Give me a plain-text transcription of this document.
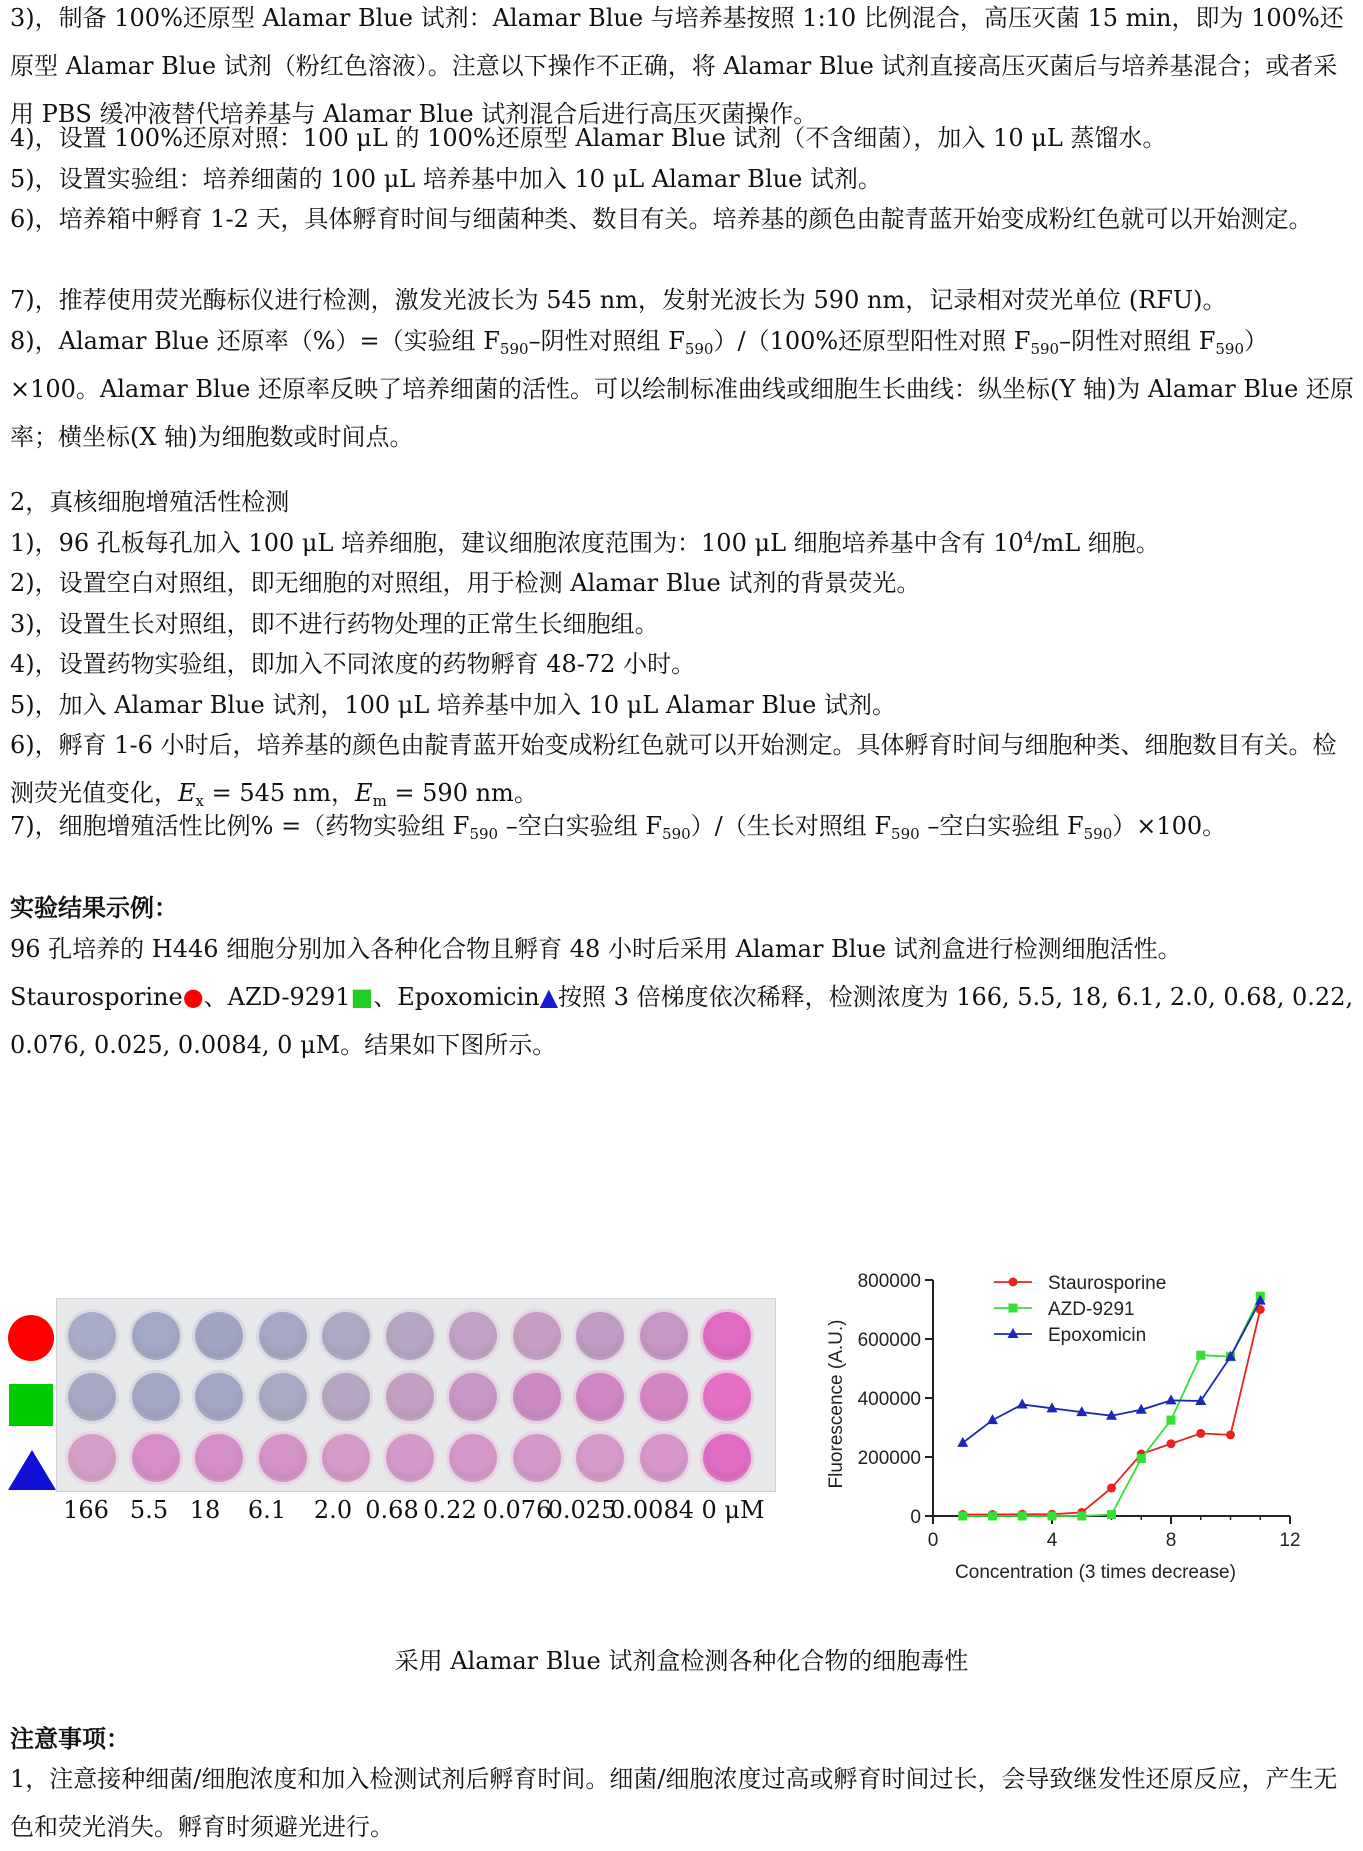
3)，制备 100%还原型 Alamar Blue 试剂：Alamar Blue 与培养基按照 1:10 比例混合，高压灭菌 15 min，即为 100%还原型 Alamar Blue 试剂（粉红色溶液）。注意以下操作不正确，将 Alamar Blue 试剂直接高压灭菌后与培养基混合；或者采用 PBS 缓冲液替代培养基与 Alamar Blue 试剂混合后进行高压灭菌操作。

4)，设置 100%还原对照：100 μL 的 100%还原型 Alamar Blue 试剂（不含细菌），加入 10 μL 蒸馏水。

5)，设置实验组：培养细菌的 100 μL 培养基中加入 10 μL Alamar Blue 试剂。

6)，培养箱中孵育 1-2 天，具体孵育时间与细菌种类、数目有关。培养基的颜色由靛青蓝开始变成粉红色就可以开始测定。

7)，推荐使用荧光酶标仪进行检测，激发光波长为 545 nm，发射光波长为 590 nm，记录相对荧光单位 (RFU)。

8)，Alamar Blue 还原率（%）=（实验组 $F_{590}-$阴性对照组 $F_{590})/(100\%$还原型阳性对照 $F_{590}-$阴性对照组 $F_{590})\times 100$。Alamar Blue 还原率反映了培养细菌的活性。可以绘制标准曲线或细胞生长曲线：纵坐标(Y 轴)为 Alamar Blue 还原率；横坐标(X 轴)为细胞数或时间点。

2，真核细胞增殖活性检测

1)，96 孔板每孔加入 100 μL 培养细胞，建议细胞浓度范围为：100 μL 细胞培养基中含有 $10^4/mL$ 细胞。

2)，设置空白对照组，即无细胞的对照组，用于检测 Alamar Blue 试剂的背景荧光。

3)，设置生长对照组，即不进行药物处理的正常生长细胞组。

4)，设置药物实验组，即加入不同浓度的药物孵育 48-72 小时。

5)，加入 Alamar Blue 试剂，100 μL 培养基中加入 10 μL Alamar Blue 试剂。

6)，孵育 1-6 小时后，培养基的颜色由靛青蓝开始变成粉红色就可以开始测定。具体孵育时间与细胞种类、细胞数目有关。检测荧光值变化，$E_x = 545$ nm，$E_m = 590$ nm。

7)，细胞增殖活性比例% =（药物实验组 $F_{590}$ –空白实验组 $F_{590})/$（生长对照组 $F_{590}$ –空白实验组 $F_{590})\times 100$。

实验结果示例：

96 孔培养的 H446 细胞分别加入各种化合物且孵育 48 小时后采用 Alamar Blue 试剂盒进行检测细胞活性。Staurosporine●、AZD-9291■、Epoxomicin▲按照 3 倍梯度依次稀释，检测浓度为 166, 5.5, 18, 6.1, 2.0, 0.68, 0.22, 0.076, 0.025, 0.0084, 0 μM。结果如下图所示。

166 5.5 18 6.1 2.0 0.68 0.22 0.076
0.025
0.0084 0 μM	0
200000
400000
600000
800000
0	4	8	12
Concentration (3 times decrease)
Fluorescence (A.U.)
Staurosporine
AZD-9291
Epoxomicin

采用 Alamar Blue 试剂盒检测各种化合物的细胞毒性

注意事项：

1，注意接种细菌/细胞浓度和加入检测试剂后孵育时间。细菌/细胞浓度过高或孵育时间过长，会导致继发性还原反应，产生无色和荧光消失。孵育时须避光进行。
